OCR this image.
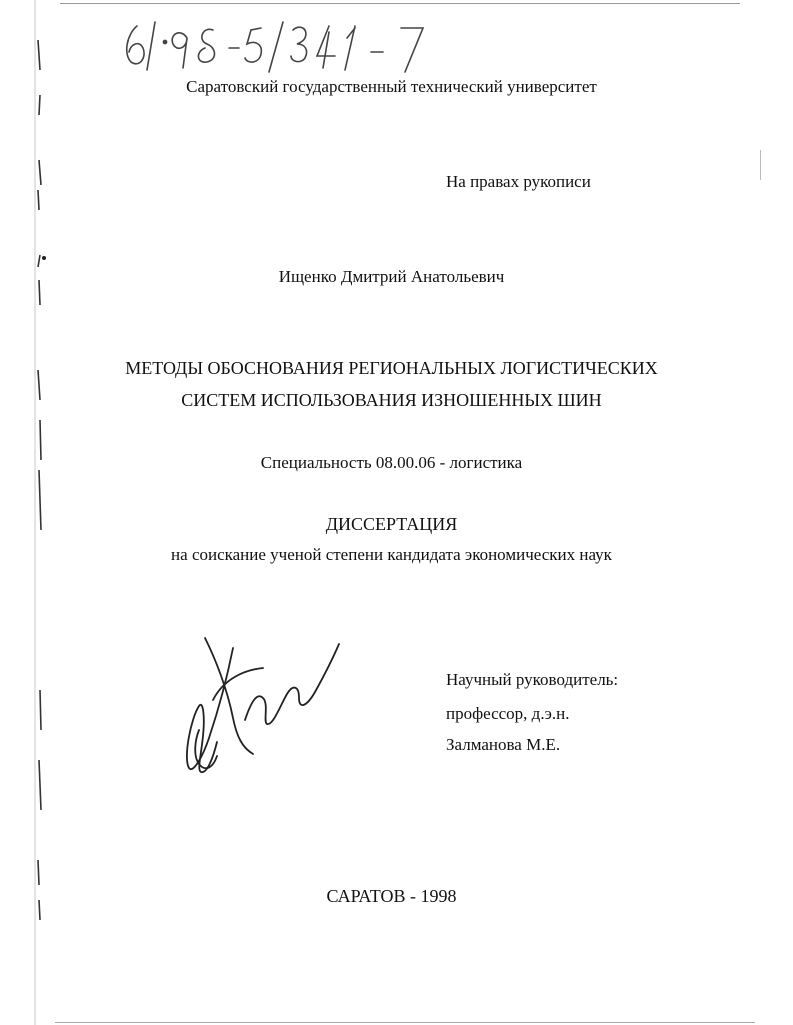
Саратовский государственный технический университет
На правах рукописи
Ищенко Дмитрий Анатольевич
МЕТОДЫ ОБОСНОВАНИЯ РЕГИОНАЛЬНЫХ ЛОГИСТИЧЕСКИХ
СИСТЕМ ИСПОЛЬЗОВАНИЯ ИЗНОШЕННЫХ ШИН
Специальность 08.00.06 - логистика
ДИССЕРТАЦИЯ
на соискание ученой степени кандидата экономических наук
Научный руководитель:
профессор, д.э.н.
Залманова М.Е.
САРАТОВ - 1998
